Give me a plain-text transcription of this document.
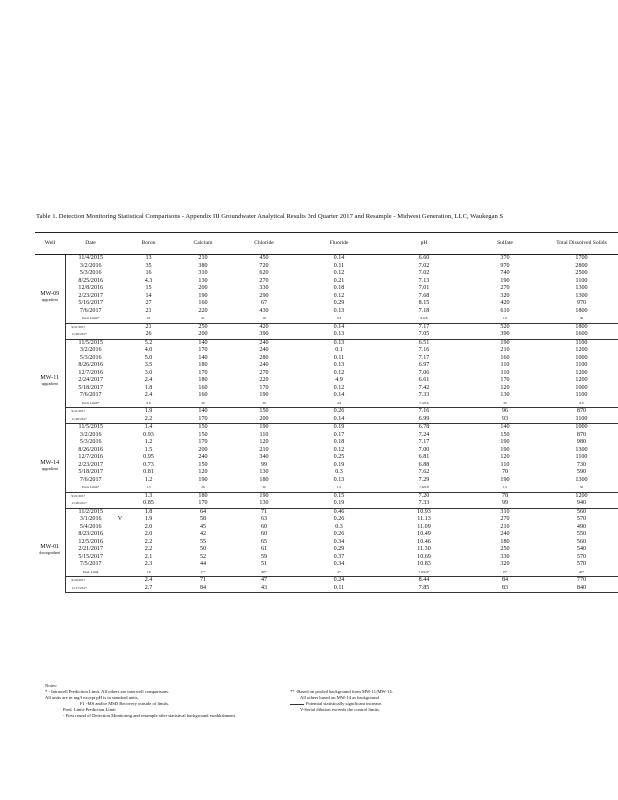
Table 1. Detection Monitoring Statistical Comparisons - Appendix III Groundwater Analytical Results 3rd Quarter 2017 and Resample - Midwest Generation, LLC, Waukegan S
Well	Date		Boron	Calcium	Chloride	Fluoride	pH	Sulfate	Total Dissolved Solids
MW-09
upgradient	11/4/2015		13	210	450	0.14	6.60	370	1700
	3/2/2016		35	380	720	0.11	7.02	970	2800
	5/3/2016		16	310	620	0.12	7.02	740	2500
	8/25/2016		4.3	130	270	0.21	7.13	190	1100
	12/8/2016		15	200	330	0.18	7.01	270	1300
	2/23/2017		14	190	290	0.12	7.68	320	1300
	5/16/2017		27	160	67	0.29	8.15	420	970
	7/6/2017		21	220	430	0.13	7.18	610	1800
	Pred. Limit*		43	41	18	0.3	6.6/8	1.0	30
	9/21/2017		21	250	420	0.14	7.17	520	1800
	11/20/2017		26	200	390	0.13	7.05	390	1600
MW-11
upgradient	11/5/2015		5.2	140	240	0.13	6.51	190	1100
	3/2/2016		4.0	170	240	0.1	7.16	210	1200
	5/3/2016		5.0	140	280	0.11	7.17	160	1000
	8/26/2016		3.5	180	240	0.13	6.97	110	1100
	12/7/2016		3.0	170	270	0.12	7.06	110	1200
	2/24/2017		2.4	180	220	4.9	6.61	170	1200
	5/18/2017		1.8	160	170	0.12	7.42	120	1000
	7/6/2017		2.4	160	190	0.14	7.33	130	1100
	Pred. Limit*		6.8	30	30	4.9	7.3/6.6	30	6.0
	9/21/2017		1.9	140	150	0.26	7.16	96	870
	11/20/2017		2.2	170	200	0.14	6.99	93	1100
MW-14
upgradient	11/5/2015		1.4	150	190	0.19	6.78	140	1000
	3/2/2016		0.93	150	110	0.17	7.24	150	870
	5/3/2016		1.2	170	120	0.18	7.17	190	980
	8/26/2016		1.5	200	210	0.12	7.00	190	1300
	12/7/2016		0.95	240	340	0.25	6.81	120	1100
	2/23/2017		0.73	150	99	0.19	6.88	110	730
	5/18/2017		0.81	120	130	0.3	7.62	70	590
	7/6/2017		1.2	190	180	0.13	7.29	190	1300
	Pred. Limit*		1.5	26	30	1.5	7.6/6.8	1.5	30
	9/21/2017		1.3	180	190	0.15	7.20	78	1200
	11/20/2017		0.85	170	130	0.19	7.33	99	940
MW-01
downgradient	11/2/2015		1.8	64	71	0.46	10.93	310	560
	3/1/2016	V	1.9	58	63	0.26	11.13	270	570
	5/4/2016		2.0	45	60	0.3	11.09	210	490
	8/23/2016		2.0	42	60	0.26	10.49	240	550
	12/5/2016		2.2	55	65	0.34	10.46	180	560
	2/21/2017		2.2	50	61	0.29	11.30	250	540
	5/15/2017		2.1	52	59	0.37	10.69	330	570
	7/5/2017		2.3	44	51	0.34	10.83	320	570
	Pred. Limit		1.8	17*	80*	4*	7.9/6.9*	15*	40*
	9/20/2017		2.4	71	47	0.24	8.44	84	770
	11/17/2017		2.7	84	43	0.11	7.85	83	840
Notes:
* - Intrawell Prediction Limit. All others are interwell comparisons.	** -Based on pooled background from MW-11/MW-14.
All units are in mg/l except pH is in standard units.	All others based on MW-14 as background.
F1 -MS and/or MSD Recovery outside of limits.	Potential statistically significant increase.
Pred. Limit-Prediction Limit	V-Serial dilution exceeds the control limits.
- First round of Detection Monitoring and resample after statistical background establishment.
